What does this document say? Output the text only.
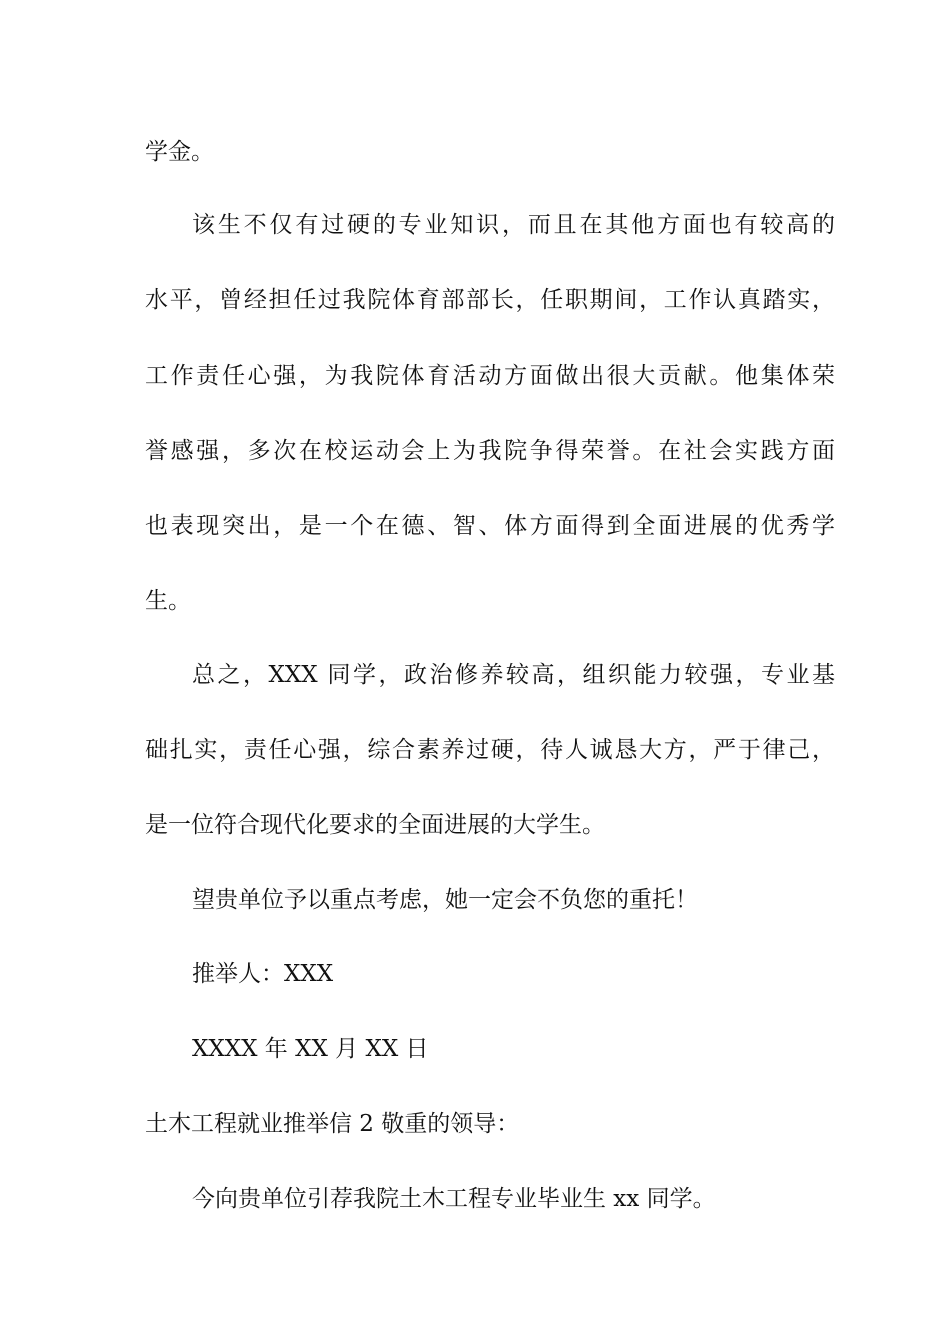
学金。
该生不仅有过硬的专业知识，而且在其他方面也有较高的
水平，曾经担任过我院体育部部长，任职期间，工作认真踏实，
工作责任心强，为我院体育活动方面做出很大贡献。他集体荣
誉感强，多次在校运动会上为我院争得荣誉。在社会实践方面
也表现突出，是一个在德、智、体方面得到全面进展的优秀学
生。
总之，XXX 同学，政治修养较高，组织能力较强，专业基
础扎实，责任心强，综合素养过硬，待人诚恳大方，严于律己，
是一位符合现代化要求的全面进展的大学生。
望贵单位予以重点考虑，她一定会不负您的重托！
推举人：XXX
XXXX 年 XX 月 XX 日
土木工程就业推举信 2 敬重的领导：
今向贵单位引荐我院土木工程专业毕业生 xx 同学。
